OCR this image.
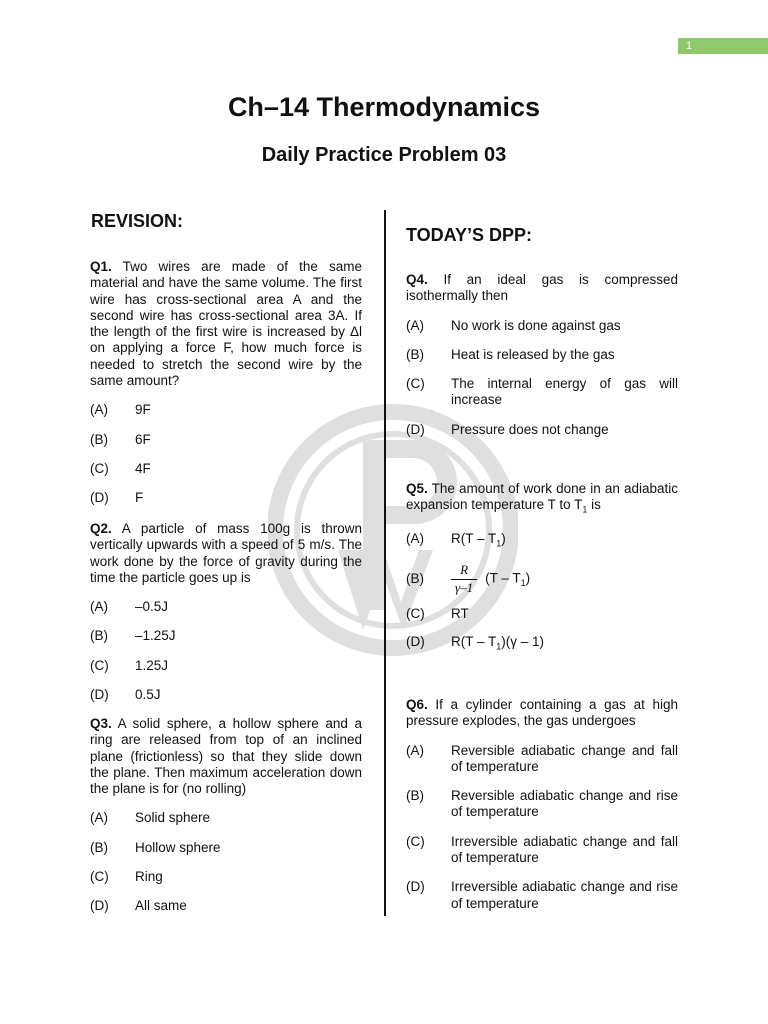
1
Ch–14 Thermodynamics
Daily Practice Problem 03
REVISION:
TODAY’S DPP:
Q1. Two wires are made of the same material and have the same volume. The first wire has cross-sectional area A and the second wire has cross-sectional area 3A. If the length of the first wire is increased by Δl on applying a force F, how much force is needed to stretch the second wire by the same amount?
(A)	9F
(B)	6F
(C)	4F
(D)	F
Q2. A particle of mass 100g is thrown vertically upwards with a speed of 5 m/s. The work done by the force of gravity during the time the particle goes up is
(A)	–0.5J
(B)	–1.25J
(C)	1.25J
(D)	0.5J
Q3. A solid sphere, a hollow sphere and a ring are released from top of an inclined plane (frictionless) so that they slide down the plane. Then maximum acceleration down the plane is for (no rolling)
(A)	Solid sphere
(B)	Hollow sphere
(C)	Ring
(D)	All same
Q4. If an ideal gas is compressed isothermally then
(A)	No work is done against gas
(B)	Heat is released by the gas
(C)	The internal energy of gas will increase
(D)	Pressure does not change
Q5. The amount of work done in an adiabatic expansion temperature T to $T_1$ is
(A)	$R(T - T_1)$
(B)	$\frac{R}{\gamma-1} (T - T_1)$
(C)	RT
(D)	$R(T - T_1)(\gamma - 1)$
Q6. If a cylinder containing a gas at high pressure explodes, the gas undergoes
(A)	Reversible adiabatic change and fall of temperature
(B)	Reversible adiabatic change and rise of temperature
(C)	Irreversible adiabatic change and fall of temperature
(D)	Irreversible adiabatic change and rise of temperature
